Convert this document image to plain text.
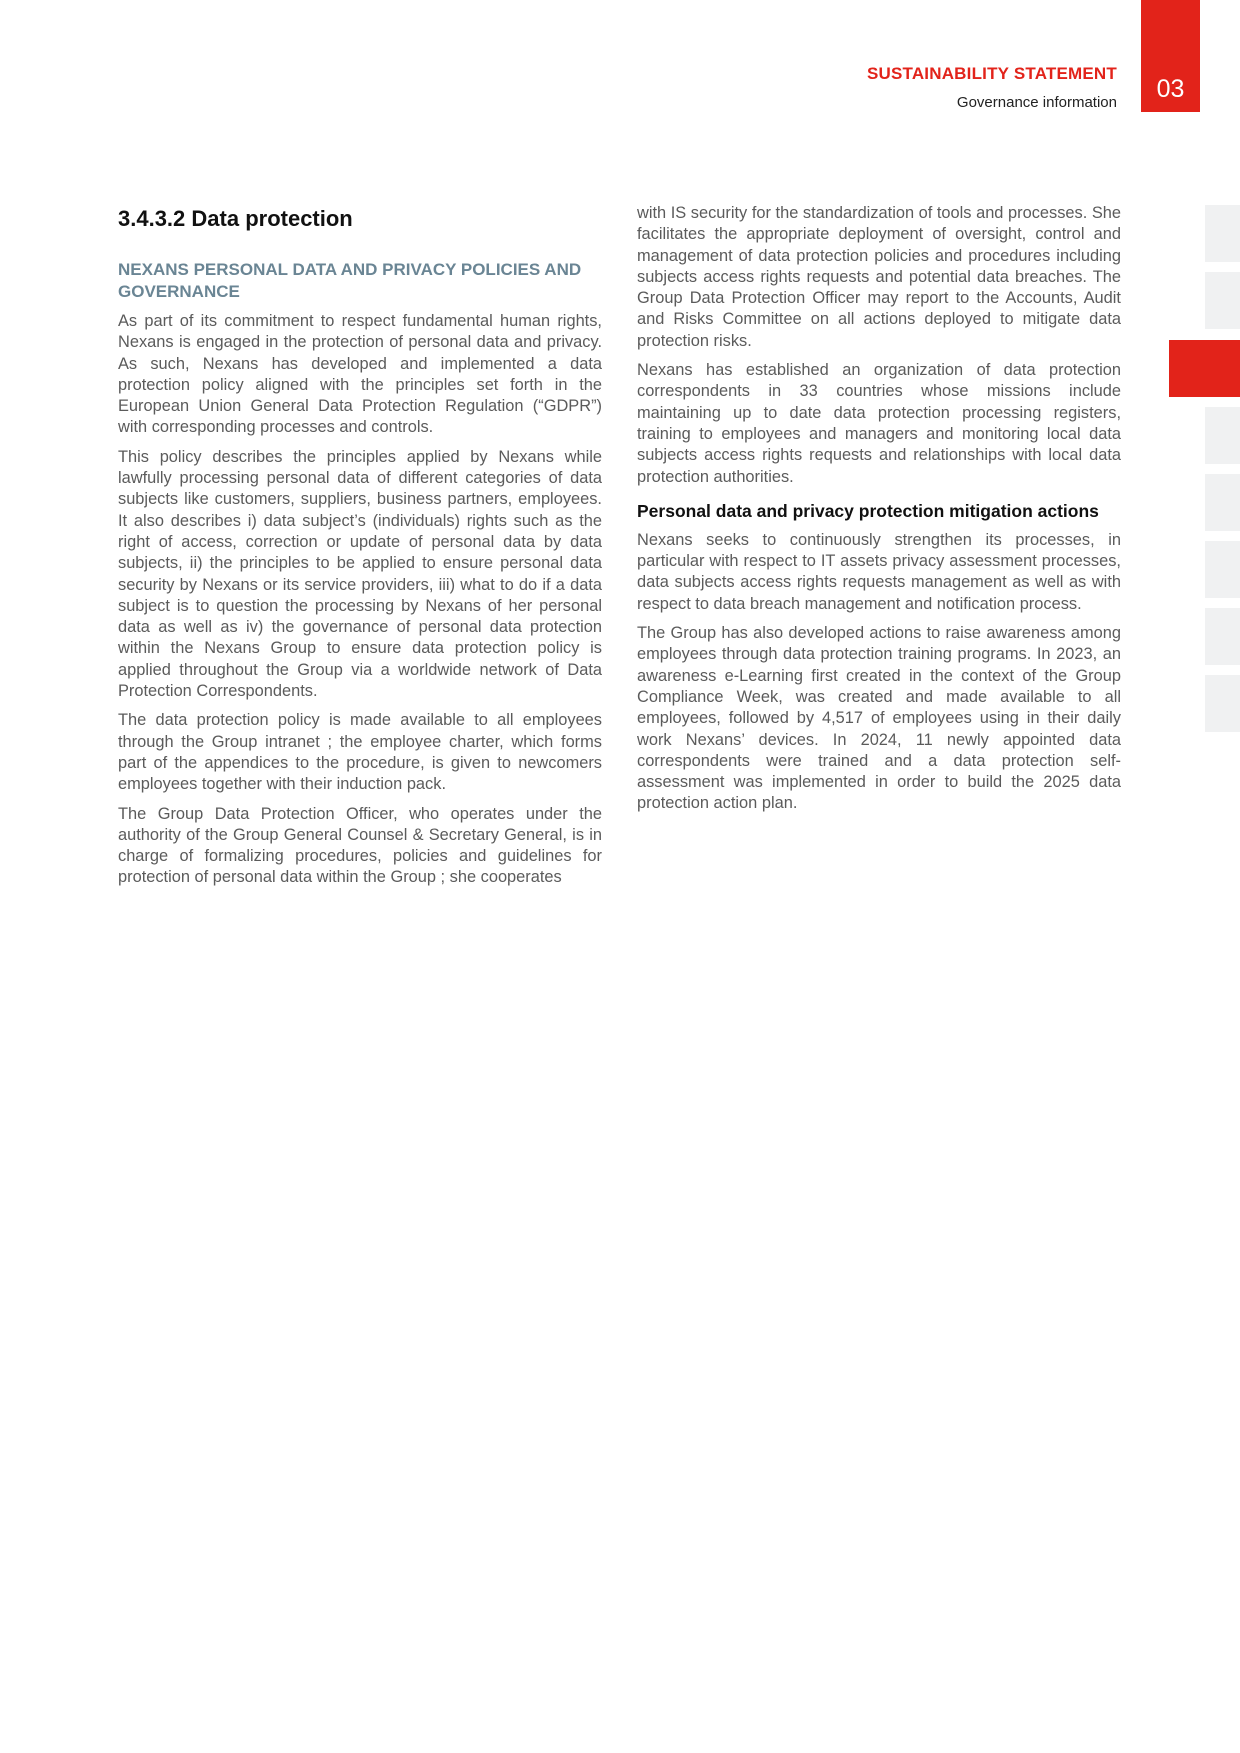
SUSTAINABILITY STATEMENT
Governance information	03
3.4.3.2 Data protection
NEXANS PERSONAL DATA AND PRIVACY POLICIES AND GOVERNANCE

As part of its commitment to respect fundamental human rights, Nexans is engaged in the protection of personal data and privacy. As such, Nexans has developed and implemented a data protection policy aligned with the principles set forth in the European Union General Data Protection Regulation (“GDPR”) with corresponding processes and controls.

This policy describes the principles applied by Nexans while lawfully processing personal data of different categories of data subjects like customers, suppliers, business partners, employees. It also describes i) data subject’s (individuals) rights such as the right of access, correction or update of personal data by data subjects, ii) the principles to be applied to ensure personal data security by Nexans or its service providers, iii) what to do if a data subject is to question the processing by Nexans of her personal data as well as iv) the governance of personal data protection within the Nexans Group to ensure data protection policy is applied throughout the Group via a worldwide network of Data Protection Correspondents.

The data protection policy is made available to all employees through the Group intranet ; the employee charter, which forms part of the appendices to the procedure, is given to newcomers employees together with their induction pack.

The Group Data Protection Officer, who operates under the authority of the Group General Counsel & Secretary General, is in charge of formalizing procedures, policies and guidelines for protection of personal data within the Group ; she cooperates

with IS security for the standardization of tools and processes. She facilitates the appropriate deployment of oversight, control and management of data protection policies and procedures including subjects access rights requests and potential data breaches. The Group Data Protection Officer may report to the Accounts, Audit and Risks Committee on all actions deployed to mitigate data protection risks.

Nexans has established an organization of data protection correspondents in 33 countries whose missions include maintaining up to date data protection processing registers, training to employees and managers and monitoring local data subjects access rights requests and relationships with local data protection authorities.

Personal data and privacy protection mitigation actions

Nexans seeks to continuously strengthen its processes, in particular with respect to IT assets privacy assessment processes, data subjects access rights requests management as well as with respect to data breach management and notification process.

The Group has also developed actions to raise awareness among employees through data protection training programs. In 2023, an awareness e-Learning first created in the context of the Group Compliance Week, was created and made available to all employees, followed by 4,517 of employees using in their daily work Nexans’ devices. In 2024, 11 newly appointed data correspondents were trained and a data protection self-assessment was implemented in order to build the 2025 data protection action plan.
